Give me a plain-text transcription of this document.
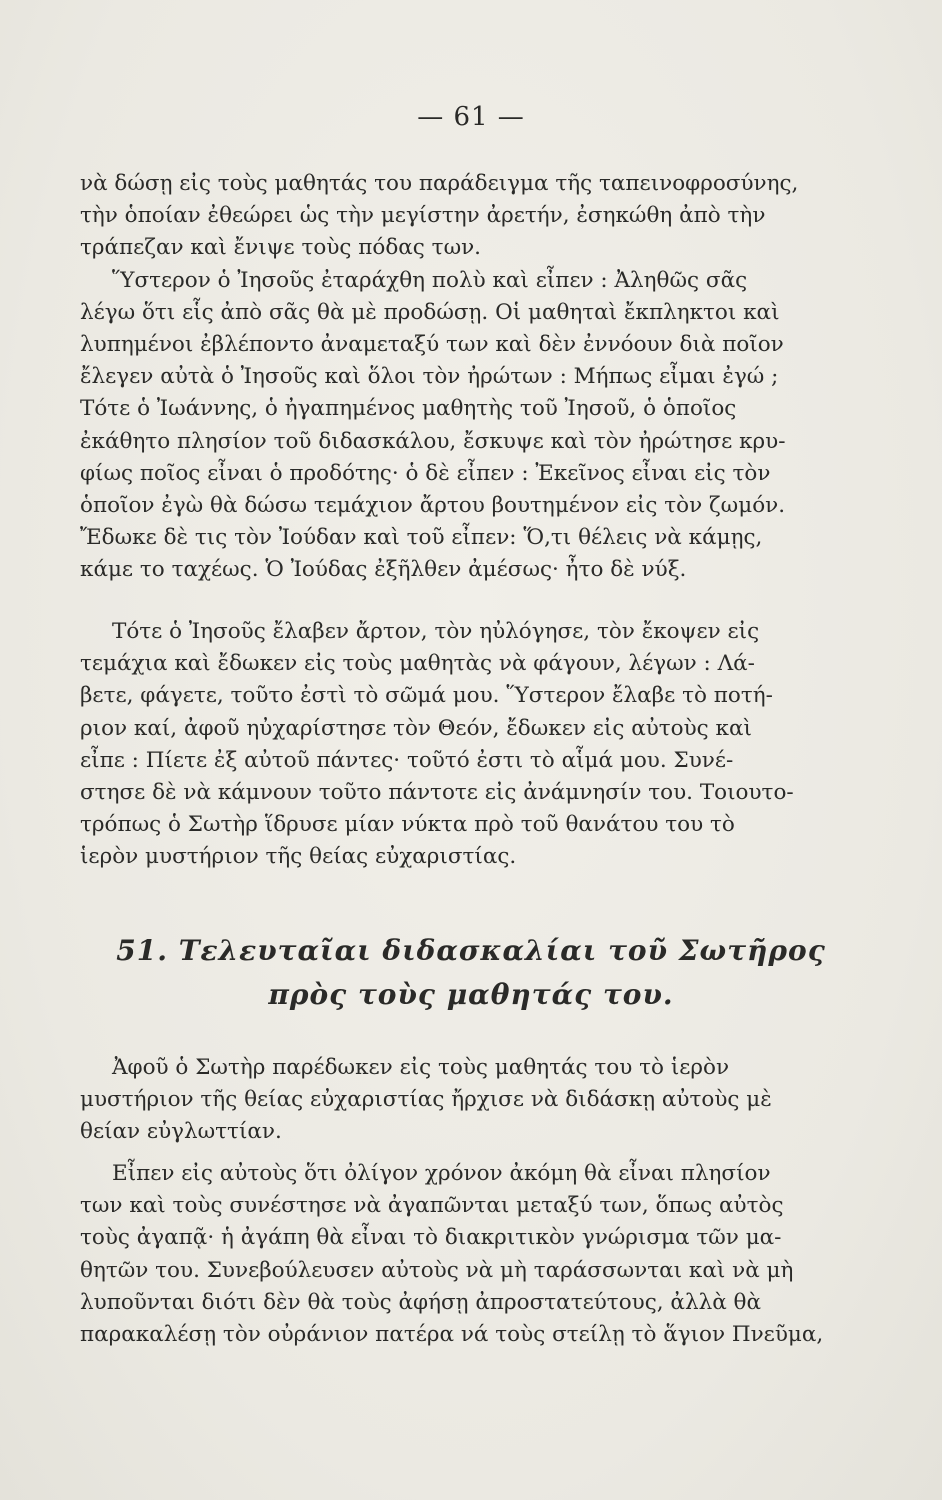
— 61 —
νὰ δώσῃ εἰς τοὺς μαθητάς του παράδειγμα τῆς ταπεινοφροσύνης,
τὴν ὁποίαν ἐθεώρει ὡς τὴν μεγίστην ἀρετήν, ἐσηκώθη ἀπὸ τὴν
τράπεζαν καὶ ἔνιψε τοὺς πόδας των.
Ὕστερον ὁ Ἰησοῦς ἐταράχθη πολὺ καὶ εἶπεν : Ἀληθῶς σᾶς
λέγω ὅτι εἷς ἀπὸ σᾶς θὰ μὲ προδώσῃ. Οἱ μαθηταὶ ἔκπληκτοι καὶ
λυπημένοι ἐβλέποντο ἀναμεταξύ των καὶ δὲν ἐννόουν διὰ ποῖον
ἔλεγεν αὐτὰ ὁ Ἰησοῦς καὶ ὅλοι τὸν ἠρώτων : Μήπως εἶμαι ἐγώ ;
Τότε ὁ Ἰωάννης, ὁ ἠγαπημένος μαθητὴς τοῦ Ἰησοῦ, ὁ ὁποῖος
ἐκάθητο πλησίον τοῦ διδασκάλου, ἔσκυψε καὶ τὸν ἠρώτησε κρυ-
φίως ποῖος εἶναι ὁ προδότης· ὁ δὲ εἶπεν : Ἐκεῖνος εἶναι εἰς τὸν
ὁποῖον ἐγὼ θὰ δώσω τεμάχιον ἄρτου βουτημένον εἰς τὸν ζωμόν.
Ἔδωκε δὲ τις τὸν Ἰούδαν καὶ τοῦ εἶπεν: Ὅ,τι θέλεις νὰ κάμῃς,
κάμε το ταχέως. Ὁ Ἰούδας ἐξῆλθεν ἀμέσως· ἦτο δὲ νύξ.
Τότε ὁ Ἰησοῦς ἔλαβεν ἄρτον, τὸν ηὐλόγησε, τὸν ἔκοψεν εἰς
τεμάχια καὶ ἔδωκεν εἰς τοὺς μαθητὰς νὰ φάγουν, λέγων : Λά-
βετε, φάγετε, τοῦτο ἐστὶ τὸ σῶμά μου. Ὕστερον ἔλαβε τὸ ποτή-
ριον καί, ἀφοῦ ηὐχαρίστησε τὸν Θεόν, ἔδωκεν εἰς αὐτοὺς καὶ
εἶπε : Πίετε ἐξ αὐτοῦ πάντες· τοῦτό ἐστι τὸ αἷμά μου. Συνέ-
στησε δὲ νὰ κάμνουν τοῦτο πάντοτε εἰς ἀνάμνησίν του. Τοιουτο-
τρόπως ὁ Σωτὴρ ἵδρυσε μίαν νύκτα πρὸ τοῦ θανάτου του τὸ
ἱερὸν μυστήριον τῆς θείας εὐχαριστίας.
51. Τελευταῖαι διδασκαλίαι τοῦ Σωτῆρος
πρὸς τοὺς μαθητάς του.
Ἀφοῦ ὁ Σωτὴρ παρέδωκεν εἰς τοὺς μαθητάς του τὸ ἱερὸν
μυστήριον τῆς θείας εὐχαριστίας ἤρχισε νὰ διδάσκῃ αὐτοὺς μὲ
θείαν εὐγλωττίαν.
Εἶπεν εἰς αὐτοὺς ὅτι ὀλίγον χρόνον ἀκόμη θὰ εἶναι πλησίον
των καὶ τοὺς συνέστησε νὰ ἀγαπῶνται μεταξύ των, ὅπως αὐτὸς
τοὺς ἀγαπᾷ· ἡ ἀγάπη θὰ εἶναι τὸ διακριτικὸν γνώρισμα τῶν μα-
θητῶν του. Συνεβούλευσεν αὐτοὺς νὰ μὴ ταράσσωνται καὶ νὰ μὴ
λυποῦνται διότι δὲν θὰ τοὺς ἀφήσῃ ἀπροστατεύτους, ἀλλὰ θὰ
παρακαλέσῃ τὸν οὐράνιον πατέρα νά τοὺς στείλῃ τὸ ἅγιον Πνεῦμα,
